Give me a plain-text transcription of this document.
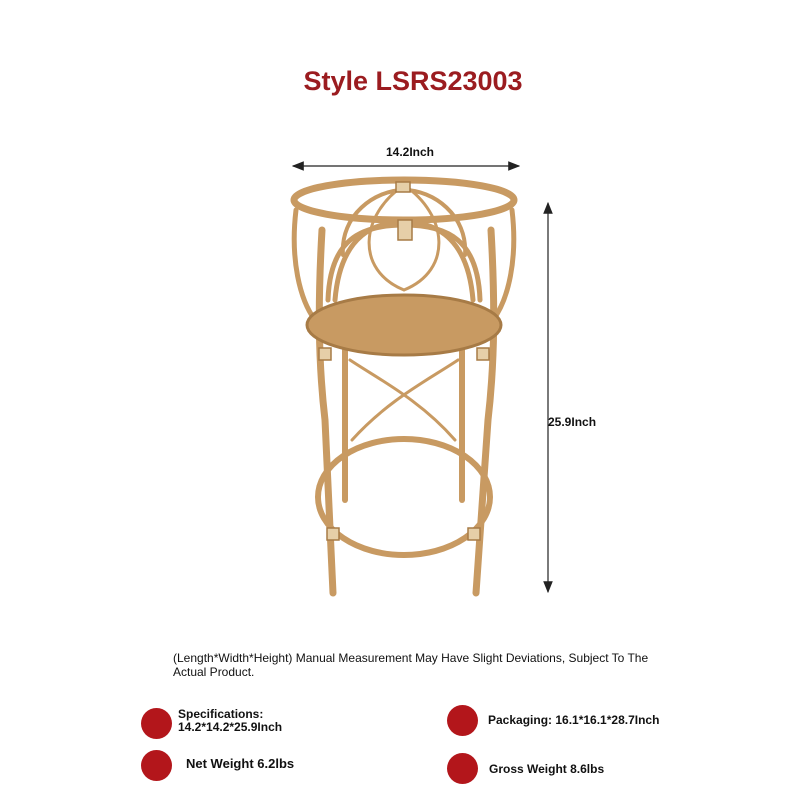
Style LSRS23003
14.2Inch
25.9Inch
(Length*Width*Height) Manual Measurement May Have Slight Deviations, Subject To The Actual Product.
Specifications: 14.2*14.2*25.9Inch	Packaging: 16.1*16.1*28.7Inch
Net Weight 6.2lbs	Gross Weight 8.6lbs
